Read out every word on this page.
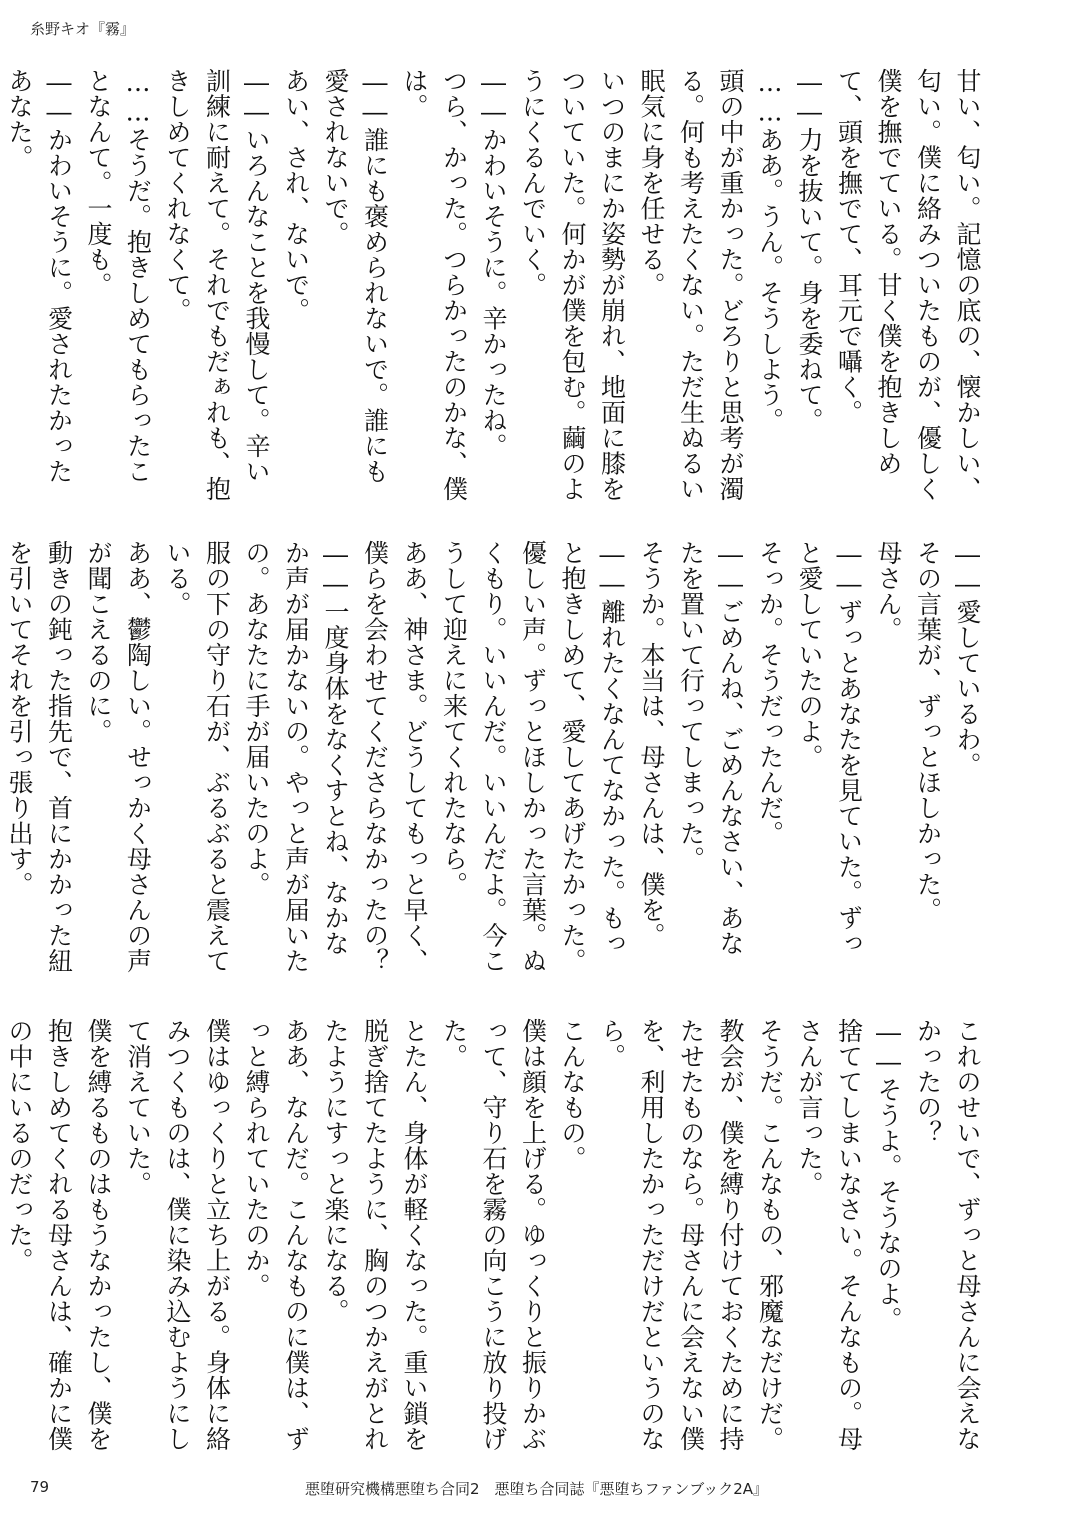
糸野キオ『霧』

甘い、匂い。記憶の底の、懐かしい、匂い。僕に絡みついたものが、優しく僕を撫でている。甘く僕を抱きしめて、頭を撫でて、耳元で囁く。

――力を抜いて。身を委ねて。

……ああ。うん。そうしよう。

頭の中が重かった。どろりと思考が濁る。何も考えたくない。ただ生ぬるい眠気に身を任せる。

いつのまにか姿勢が崩れ、地面に膝をついていた。何かが僕を包む。繭のようにくるんでいく。

――かわいそうに。辛かったね。

つら、かった。つらかったのかな、僕は。

――誰にも褒められないで。誰にも愛されないで。

あい、され、ないで。

――いろんなことを我慢して。辛い訓練に耐えて。それでもだぁれも、抱きしめてくれなくて。

……そうだ。抱きしめてもらったことなんて。一度も。

――かわいそうに。愛されたかったあなた。

――愛しているわ。

その言葉が、ずっとほしかった。

母さん。

――ずっとあなたを見ていた。ずっと愛していたのよ。

そっか。そうだったんだ。

――ごめんね、ごめんなさい、あなたを置いて行ってしまった。

そうか。本当は、母さんは、僕を。

――離れたくなんてなかった。もっと抱きしめて、愛してあげたかった。

優しい声。ずっとほしかった言葉。ぬくもり。いいんだ。いいんだよ。今こうして迎えに来てくれたなら。

ああ、神さま。どうしてもっと早く、僕らを会わせてくださらなかったの？

――一度身体をなくすとね、なかなか声が届かないの。やっと声が届いたの。あなたに手が届いたのよ。

服の下の守り石が、ぶるぶると震えている。

ああ、鬱陶しい。せっかく母さんの声が聞こえるのに。

動きの鈍った指先で、首にかかった紐を引いてそれを引っ張り出す。

これのせいで、ずっと母さんに会えなかったの？

――そうよ。そうなのよ。

捨ててしまいなさい。そんなもの。母さんが言った。

そうだ。こんなもの、邪魔なだけだ。

教会が、僕を縛り付けておくために持たせたものなら。母さんに会えない僕を、利用したかっただけだというのなら。

こんなもの。

僕は顔を上げる。ゆっくりと振りかぶって、守り石を霧の向こうに放り投げた。

とたん、身体が軽くなった。重い鎖を脱ぎ捨てたように、胸のつかえがとれたようにすっと楽になる。

ああ、なんだ。こんなものに僕は、ずっと縛られていたのか。

僕はゆっくりと立ち上がる。身体に絡みつくものは、僕に染み込むようにして消えていた。

僕を縛るものはもうなかったし、僕を抱きしめてくれる母さんは、確かに僕の中にいるのだった。

79	悪堕研究機構悪堕ち合同2　悪堕ち合同誌『悪堕ちファンブック2A』
